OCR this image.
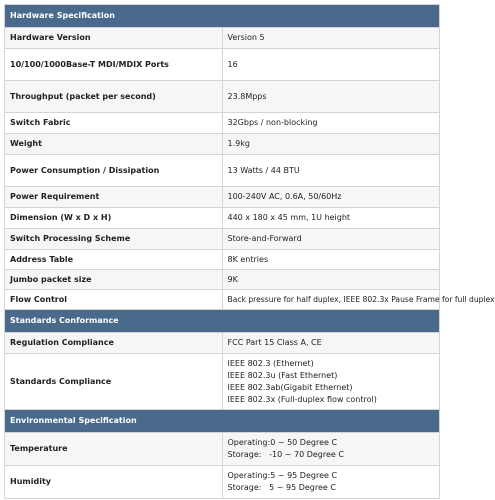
Hardware Specification	
Hardware Version	Version 5
10/100/1000Base-T MDI/MDIX Ports	16
Throughput (packet per second)	23.8Mpps
Switch Fabric	32Gbps / non-blocking
Weight	1.9kg
Power Consumption / Dissipation	13 Watts / 44 BTU
Power Requirement	100-240V AC, 0.6A, 50/60Hz
Dimension (W x D x H)	440 x 180 x 45 mm, 1U height
Switch Processing Scheme	Store-and-Forward
Address Table	8K entries
Jumbo packet size	9K
Flow Control	Back pressure for half duplex, IEEE 802.3x Pause Frame for full duplex
Standards Conformance	
Regulation Compliance	FCC Part 15 Class A, CE
Standards Compliance	IEEE 802.3 (Ethernet)
IEEE 802.3u (Fast Ethernet)
IEEE 802.3ab(Gigabit Ethernet)
IEEE 802.3x (Full-duplex flow control)

Environmental Specification	
Temperature	Operating:0 ~ 50 Degree C
Storage:   -10 ~ 70 Degree C

Humidity	Operating:5 ~ 95 Degree C
Storage:   5 ~ 95 Degree C
